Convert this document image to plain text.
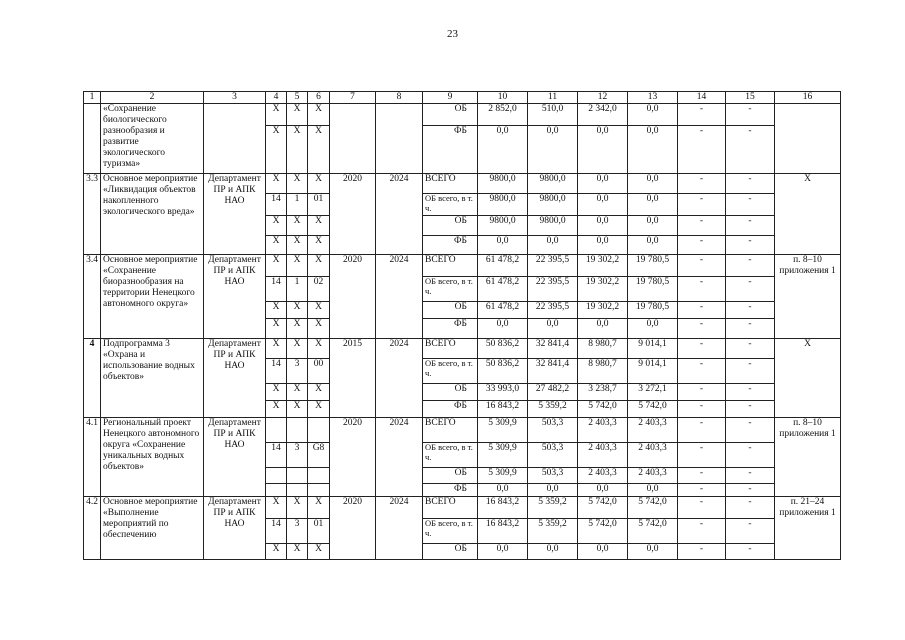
23
1	2	3	4	5	6	7	8	9	10	11	12	13	14	15	16
	«Сохранение биологического разнообразия и развитие экологического туризма»		X	X	X			ОБ	2 852,0	510,0	2 342,0	0,0	-	-	
			X	X	X			ФБ	0,0	0,0	0,0	0,0	-	-	
3.3	Основное мероприятие «Ликвидация объектов накопленного экологического вреда»	Департамент ПР и АПК НАО	X	X	X	2020	2024	ВСЕГО	9800,0	9800,0	0,0	0,0	-	-	X
			14	1	01			ОБ всего, в т. ч.	9800,0	9800,0	0,0	0,0	-	-	
			X	X	X			ОБ	9800,0	9800,0	0,0	0,0	-	-	
			X	X	X			ФБ	0,0	0,0	0,0	0,0	-	-	
3.4	Основное мероприятие «Сохранение биоразнообразия на территории Ненецкого автономного округа»	Департамент ПР и АПК НАО	X	X	X	2020	2024	ВСЕГО	61 478,2	22 395,5	19 302,2	19 780,5	-	-	п. 8–10 приложения 1
			14	1	02			ОБ всего, в т. ч.	61 478,2	22 395,5	19 302,2	19 780,5	-	-	
			X	X	X			ОБ	61 478,2	22 395,5	19 302,2	19 780,5	-	-	
			X	X	X			ФБ	0,0	0,0	0,0	0,0	-	-	
4	Подпрограмма 3 «Охрана и использование водных объектов»	Департамент ПР и АПК НАО	X	X	X	2015	2024	ВСЕГО	50 836,2	32 841,4	8 980,7	9 014,1	-	-	X
			14	3	00			ОБ всего, в т. ч.	50 836,2	32 841,4	8 980,7	9 014,1	-	-	
			X	X	X			ОБ	33 993,0	27 482,2	3 238,7	3 272,1	-	-	
			X	X	X			ФБ	16 843,2	5 359,2	5 742,0	5 742,0	-	-	
4.1	Региональный проект Ненецкого автономного округа «Сохранение уникальных водных объектов»	Департамент ПР и АПК НАО				2020	2024	ВСЕГО	5 309,9	503,3	2 403,3	2 403,3	-	-	п. 8–10 приложения 1
			14	3	G8			ОБ всего, в т. ч.	5 309,9	503,3	2 403,3	2 403,3	-	-	
								ОБ	5 309,9	503,3	2 403,3	2 403,3	-	-	
								ФБ	0,0	0,0	0,0	0,0	-	-	
4.2	Основное мероприятие «Выполнение мероприятий по обеспечению	Департамент ПР и АПК НАО	X	X	X	2020	2024	ВСЕГО	16 843,2	5 359,2	5 742,0	5 742,0	-	-	п. 21–24 приложения 1
			14	3	01			ОБ всего, в т. ч.	16 843,2	5 359,2	5 742,0	5 742,0	-	-	
			X	X	X			ОБ	0,0	0,0	0,0	0,0	-	-	
